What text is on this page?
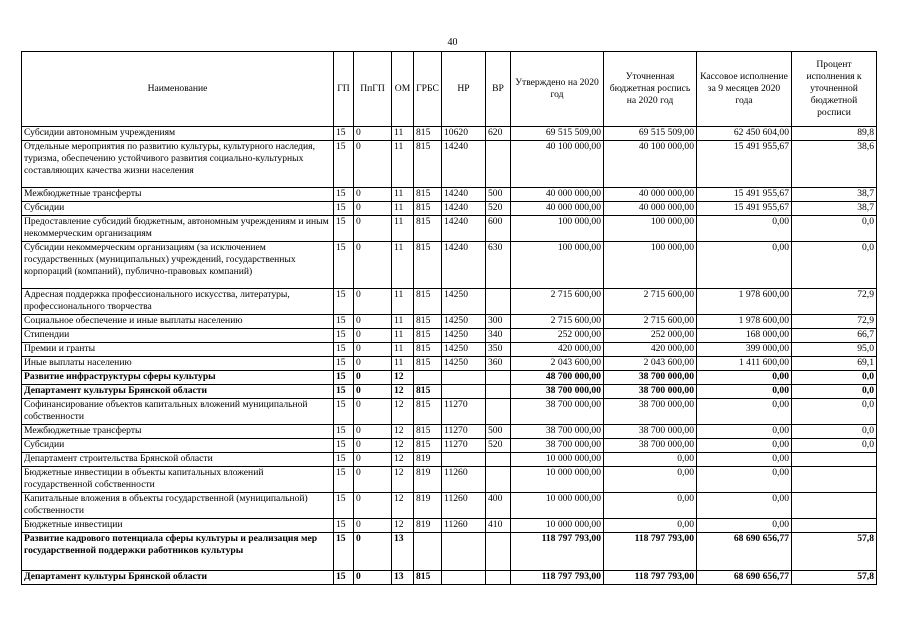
40
Наименование	ГП	ПпГП	ОМ	ГРБС	НР	ВР	Утверждено на 2020 год	Уточненная бюджетная роспись на 2020 год	Кассовое исполнение за 9 месяцев 2020 года	Процент исполнения к уточненной бюджетной росписи
Субсидии автономным учреждениям	15	0	11	815	10620	620	69 515 509,00	69 515 509,00	62 450 604,00	89,8
Отдельные мероприятия по развитию культуры, культурного наследия, туризма, обеспечению устойчивого развития социально-культурных составляющих качества жизни населения	15	0	11	815	14240		40 100 000,00	40 100 000,00	15 491 955,67	38,6
Межбюджетные трансферты	15	0	11	815	14240	500	40 000 000,00	40 000 000,00	15 491 955,67	38,7
Субсидии	15	0	11	815	14240	520	40 000 000,00	40 000 000,00	15 491 955,67	38,7
Предоставление субсидий бюджетным, автономным учреждениям и иным некоммерческим организациям	15	0	11	815	14240	600	100 000,00	100 000,00	0,00	0,0
Субсидии некоммерческим организациям (за исключением государственных (муниципальных) учреждений, государственных корпораций (компаний), публично-правовых компаний)	15	0	11	815	14240	630	100 000,00	100 000,00	0,00	0,0
Адресная поддержка профессионального искусства, литературы, профессионального творчества	15	0	11	815	14250		2 715 600,00	2 715 600,00	1 978 600,00	72,9
Социальное обеспечение и иные выплаты населению	15	0	11	815	14250	300	2 715 600,00	2 715 600,00	1 978 600,00	72,9
Стипендии	15	0	11	815	14250	340	252 000,00	252 000,00	168 000,00	66,7
Премии и гранты	15	0	11	815	14250	350	420 000,00	420 000,00	399 000,00	95,0
Иные выплаты населению	15	0	11	815	14250	360	2 043 600,00	2 043 600,00	1 411 600,00	69,1
Развитие инфраструктуры сферы культуры	15	0	12				48 700 000,00	38 700 000,00	0,00	0,0
Департамент культуры Брянской области	15	0	12	815			38 700 000,00	38 700 000,00	0,00	0,0
Софинансирование объектов капитальных вложений муниципальной собственности	15	0	12	815	11270		38 700 000,00	38 700 000,00	0,00	0,0
Межбюджетные трансферты	15	0	12	815	11270	500	38 700 000,00	38 700 000,00	0,00	0,0
Субсидии	15	0	12	815	11270	520	38 700 000,00	38 700 000,00	0,00	0,0
Департамент строительства Брянской области	15	0	12	819			10 000 000,00	0,00	0,00	
Бюджетные инвестиции в объекты капитальных вложений государственной собственности	15	0	12	819	11260		10 000 000,00	0,00	0,00	
Капитальные вложения в объекты государственной (муниципальной) собственности	15	0	12	819	11260	400	10 000 000,00	0,00	0,00	
Бюджетные инвестиции	15	0	12	819	11260	410	10 000 000,00	0,00	0,00	
Развитие кадрового потенциала сферы культуры и реализация мер государственной поддержки работников культуры	15	0	13				118 797 793,00	118 797 793,00	68 690 656,77	57,8
Департамент культуры Брянской области	15	0	13	815			118 797 793,00	118 797 793,00	68 690 656,77	57,8
